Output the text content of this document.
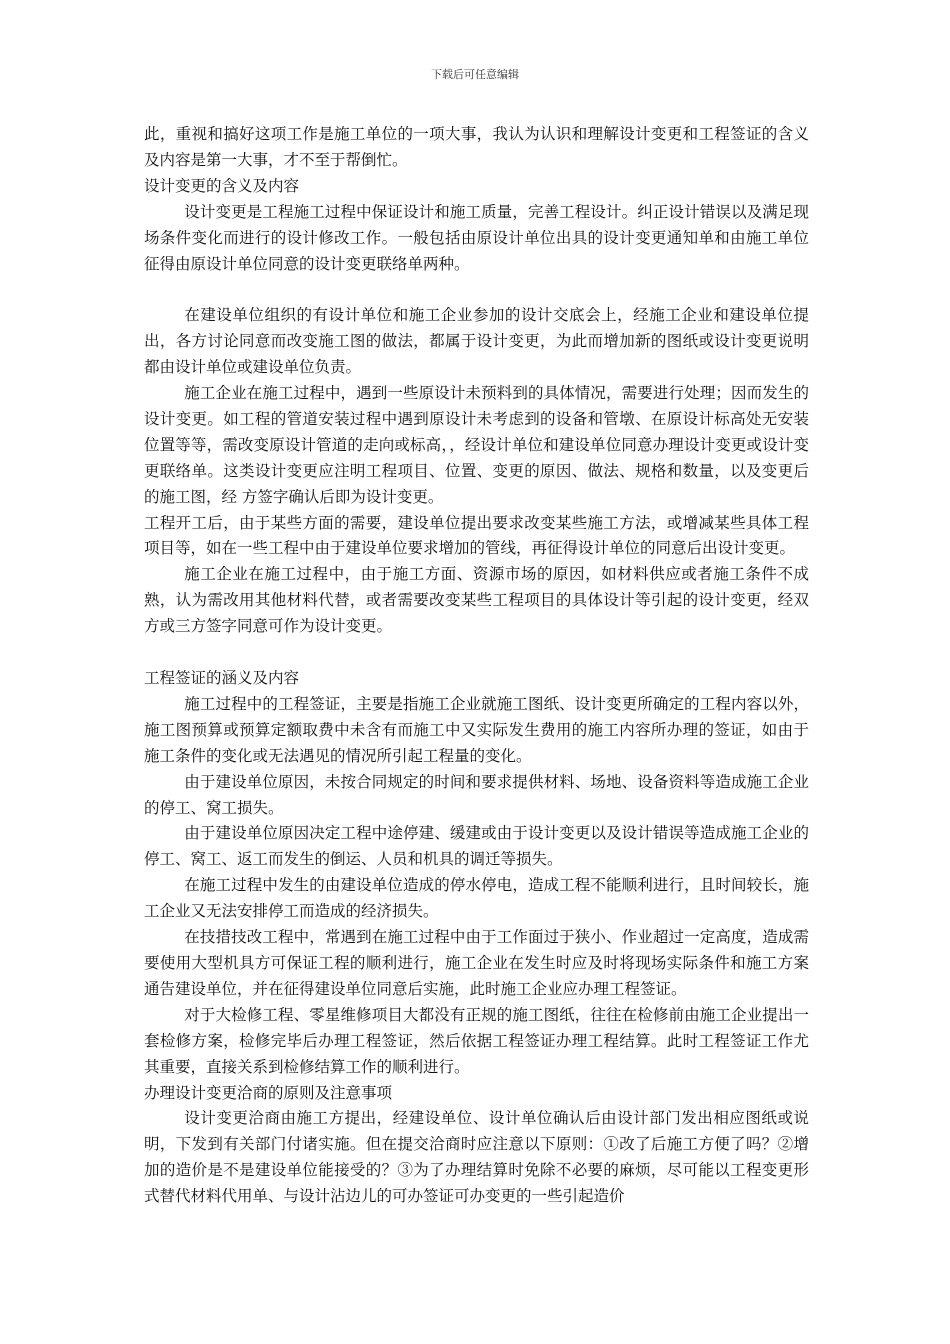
下载后可任意编辑

此，重视和搞好这项工作是施工单位的一项大事，我认为认识和理解设计变更和工程签证的含义及内容是第一大事，才不至于帮倒忙。

设计变更的含义及内容

设计变更是工程施工过程中保证设计和施工质量，完善工程设计。纠正设计错误以及满足现场条件变化而进行的设计修改工作。一般包括由原设计单位出具的设计变更通知单和由施工单位征得由原设计单位同意的设计变更联络单两种。

在建设单位组织的有设计单位和施工企业参加的设计交底会上，经施工企业和建设单位提出，各方讨论同意而改变施工图的做法，都属于设计变更，为此而增加新的图纸或设计变更说明都由设计单位或建设单位负责。

施工企业在施工过程中，遇到一些原设计未预料到的具体情况，需要进行处理；因而发生的设计变更。如工程的管道安装过程中遇到原设计未考虑到的设备和管墩、在原设计标高处无安装位置等等，需改变原设计管道的走向或标高，，经设计单位和建设单位同意办理设计变更或设计变更联络单。这类设计变更应注明工程项目、位置、变更的原因、做法、规格和数量，以及变更后的施工图，经 方签字确认后即为设计变更。

工程开工后，由于某些方面的需要，建设单位提出要求改变某些施工方法，或增减某些具体工程项目等，如在一些工程中由于建设单位要求增加的管线，再征得设计单位的同意后出设计变更。

施工企业在施工过程中，由于施工方面、资源市场的原因，如材料供应或者施工条件不成熟，认为需改用其他材料代替，或者需要改变某些工程项目的具体设计等引起的设计变更，经双方或三方签字同意可作为设计变更。

工程签证的涵义及内容

施工过程中的工程签证，主要是指施工企业就施工图纸、设计变更所确定的工程内容以外，施工图预算或预算定额取费中未含有而施工中又实际发生费用的施工内容所办理的签证，如由于施工条件的变化或无法遇见的情况所引起工程量的变化。

由于建设单位原因，未按合同规定的时间和要求提供材料、场地、设备资料等造成施工企业的停工、窝工损失。

由于建设单位原因决定工程中途停建、缓建或由于设计变更以及设计错误等造成施工企业的停工、窝工、返工而发生的倒运、人员和机具的调迁等损失。

在施工过程中发生的由建设单位造成的停水停电，造成工程不能顺利进行，且时间较长，施工企业又无法安排停工而造成的经济损失。

在技措技改工程中，常遇到在施工过程中由于工作面过于狭小、作业超过一定高度，造成需要使用大型机具方可保证工程的顺利进行，施工企业在发生时应及时将现场实际条件和施工方案通告建设单位，并在征得建设单位同意后实施，此时施工企业应办理工程签证。

对于大检修工程、零星维修项目大都没有正规的施工图纸，往往在检修前由施工企业提出一套检修方案，检修完毕后办理工程签证，然后依据工程签证办理工程结算。此时工程签证工作尤其重要，直接关系到检修结算工作的顺利进行。

办理设计变更洽商的原则及注意事项

设计变更洽商由施工方提出，经建设单位、设计单位确认后由设计部门发出相应图纸或说明，下发到有关部门付诸实施。但在提交洽商时应注意以下原则：①改了后施工方便了吗？②增加的造价是不是建设单位能接受的？③为了办理结算时免除不必要的麻烦，尽可能以工程变更形式替代材料代用单、与设计沾边儿的可办签证可办变更的一些引起造价
